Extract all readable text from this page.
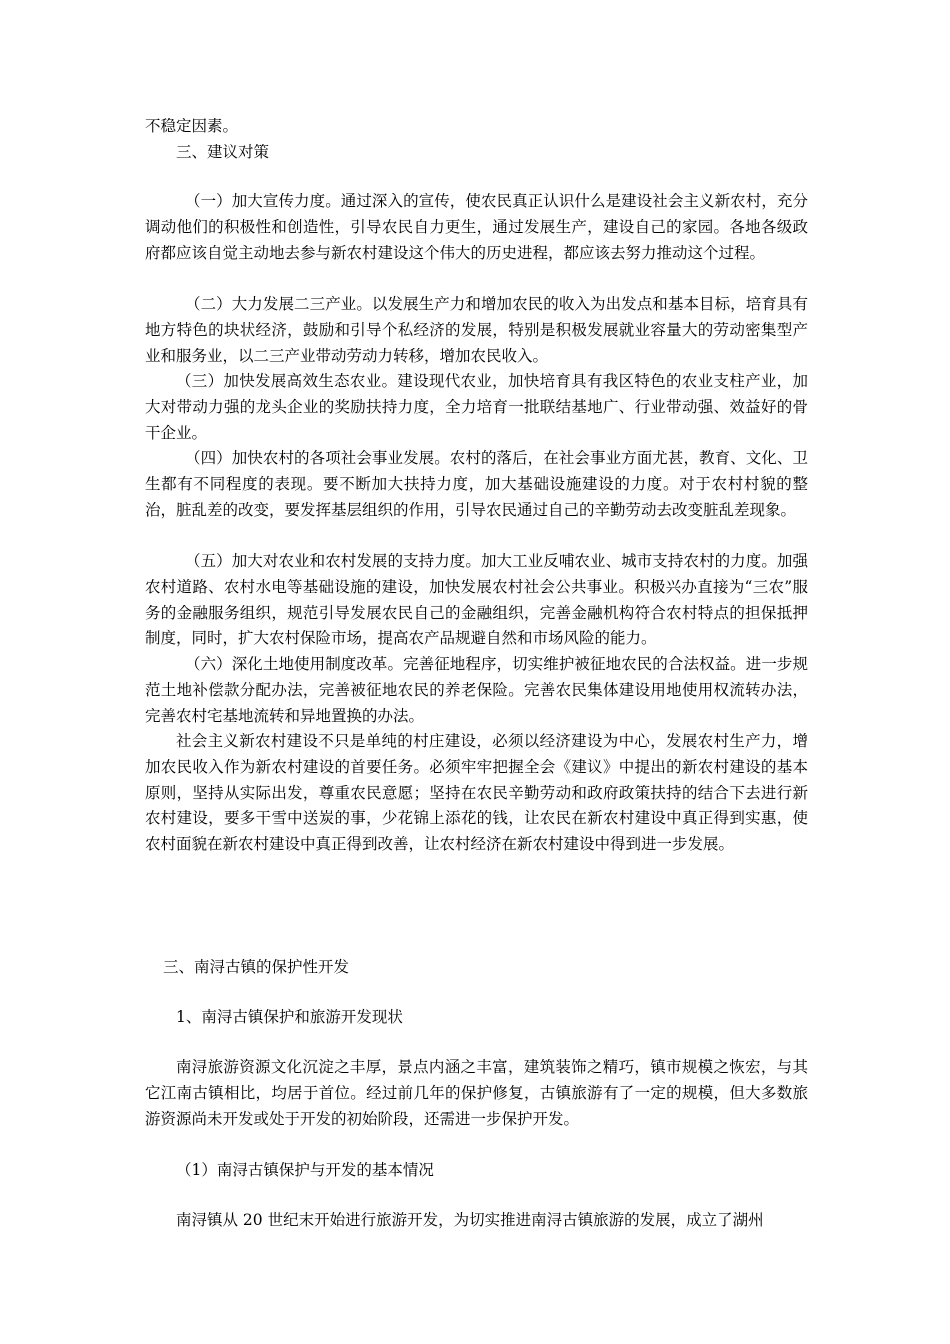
不稳定因素。

三、建议对策

（一）加大宣传力度。通过深入的宣传，使农民真正认识什么是建设社会主义新农村，充分调动他们的积极性和创造性，引导农民自力更生，通过发展生产，建设自己的家园。各地各级政府都应该自觉主动地去参与新农村建设这个伟大的历史进程，都应该去努力推动这个过程。

（二）大力发展二三产业。以发展生产力和增加农民的收入为出发点和基本目标，培育具有地方特色的块状经济，鼓励和引导个私经济的发展，特别是积极发展就业容量大的劳动密集型产业和服务业，以二三产业带动劳动力转移，增加农民收入。

（三）加快发展高效生态农业。建设现代农业，加快培育具有我区特色的农业支柱产业，加大对带动力强的龙头企业的奖励扶持力度，全力培育一批联结基地广、行业带动强、效益好的骨干企业。

（四）加快农村的各项社会事业发展。农村的落后，在社会事业方面尤甚，教育、文化、卫生都有不同程度的表现。要不断加大扶持力度，加大基础设施建设的力度。对于农村村貌的整治，脏乱差的改变，要发挥基层组织的作用，引导农民通过自己的辛勤劳动去改变脏乱差现象。

（五）加大对农业和农村发展的支持力度。加大工业反哺农业、城市支持农村的力度。加强农村道路、农村水电等基础设施的建设，加快发展农村社会公共事业。积极兴办直接为“三农”服务的金融服务组织，规范引导发展农民自己的金融组织，完善金融机构符合农村特点的担保抵押制度，同时，扩大农村保险市场，提高农产品规避自然和市场风险的能力。

（六）深化土地使用制度改革。完善征地程序，切实维护被征地农民的合法权益。进一步规范土地补偿款分配办法，完善被征地农民的养老保险。完善农民集体建设用地使用权流转办法，完善农村宅基地流转和异地置换的办法。

社会主义新农村建设不只是单纯的村庄建设，必须以经济建设为中心，发展农村生产力，增加农民收入作为新农村建设的首要任务。必须牢牢把握全会《建议》中提出的新农村建设的基本原则，坚持从实际出发，尊重农民意愿；坚持在农民辛勤劳动和政府政策扶持的结合下去进行新农村建设，要多干雪中送炭的事，少花锦上添花的钱，让农民在新农村建设中真正得到实惠，使农村面貌在新农村建设中真正得到改善，让农村经济在新农村建设中得到进一步发展。

三、南浔古镇的保护性开发

1、南浔古镇保护和旅游开发现状

南浔旅游资源文化沉淀之丰厚，景点内涵之丰富，建筑装饰之精巧，镇市规模之恢宏，与其它江南古镇相比，均居于首位。经过前几年的保护修复，古镇旅游有了一定的规模，但大多数旅游资源尚未开发或处于开发的初始阶段，还需进一步保护开发。

（1）南浔古镇保护与开发的基本情况

南浔镇从 20 世纪末开始进行旅游开发，为切实推进南浔古镇旅游的发展，成立了湖州
